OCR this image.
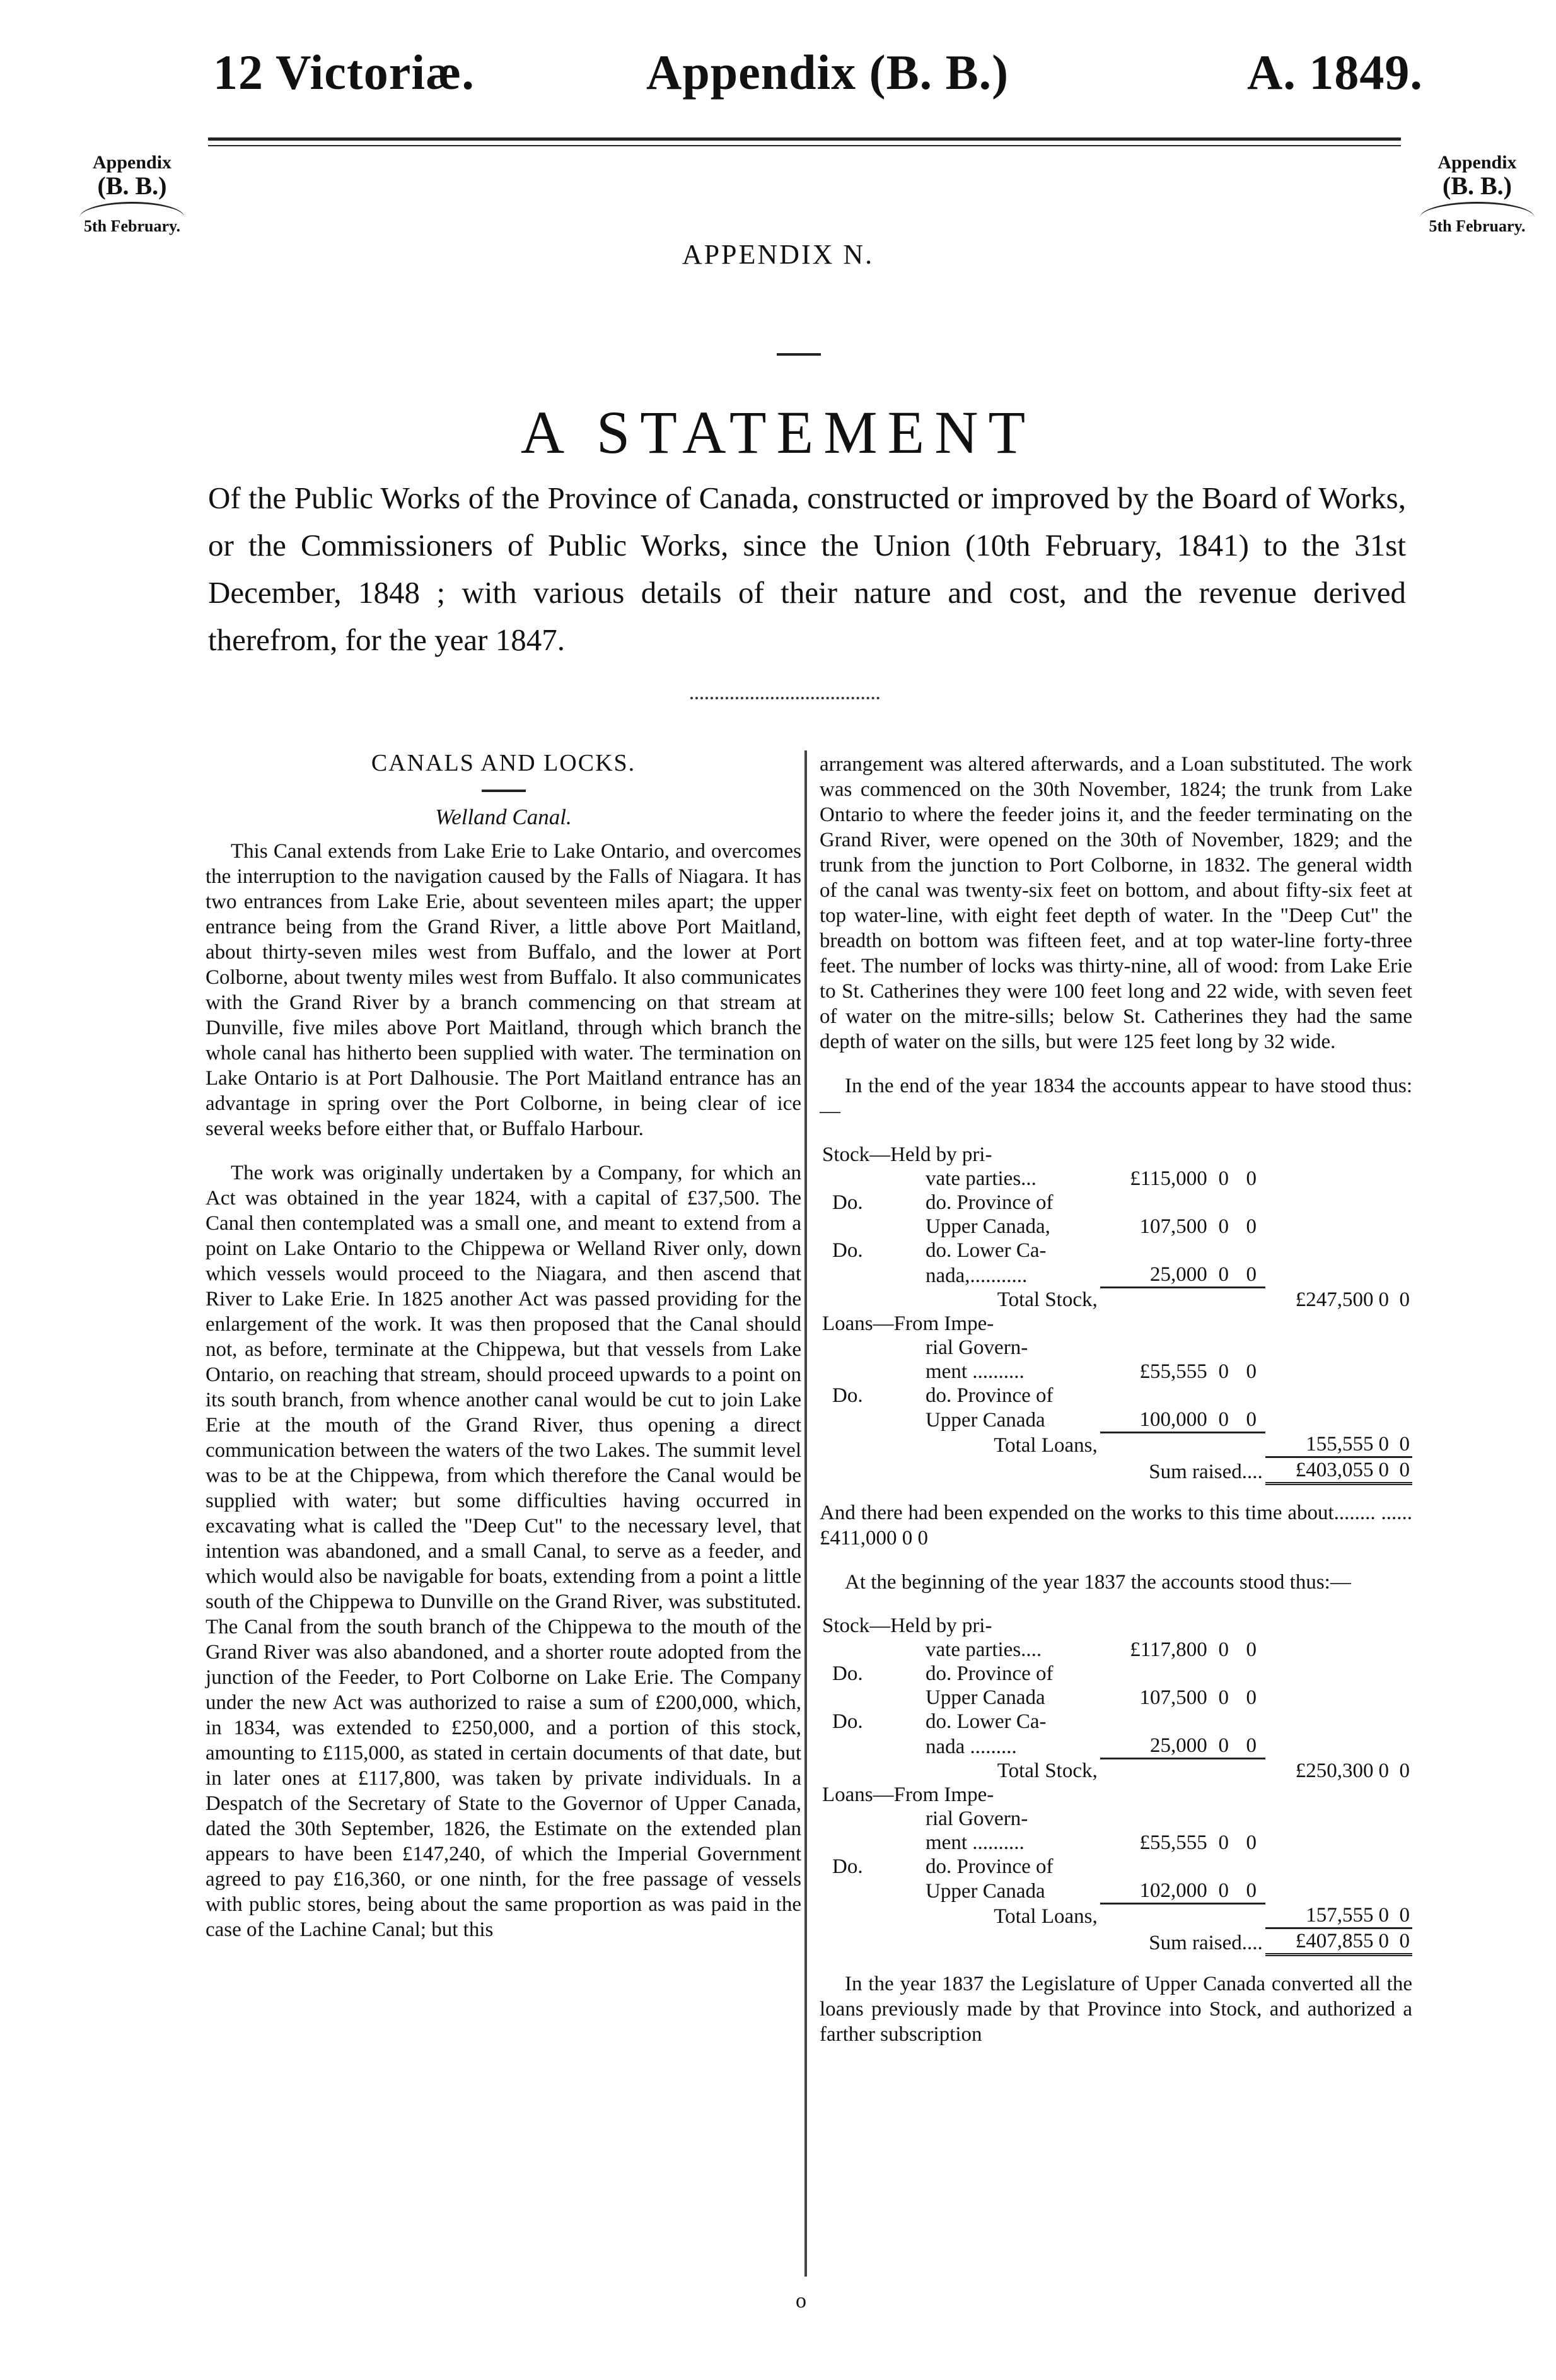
12 Victoriæ.	Appendix (B. B.)	A. 1849.
Appendix
(B. B.)
5th February.
Appendix
(B. B.)
5th February.
APPENDIX N.
A STATEMENT
Of the Public Works of the Province of Canada, constructed or improved by the Board of Works, or the Commissioners of Public Works, since the Union (10th February, 1841) to the 31st December, 1848 ; with various details of their nature and cost, and the revenue derived therefrom, for the year 1847.
CANALS AND LOCKS.
Welland Canal.

This Canal extends from Lake Erie to Lake Ontario, and overcomes the interruption to the navigation caused by the Falls of Niagara. It has two entrances from Lake Erie, about seventeen miles apart; the upper entrance being from the Grand River, a little above Port Maitland, about thirty-seven miles west from Buffalo, and the lower at Port Colborne, about twenty miles west from Buffalo. It also communicates with the Grand River by a branch commencing on that stream at Dunville, five miles above Port Maitland, through which branch the whole canal has hitherto been supplied with water. The termination on Lake Ontario is at Port Dalhousie. The Port Maitland entrance has an advantage in spring over the Port Colborne, in being clear of ice several weeks before either that, or Buffalo Harbour.

The work was originally undertaken by a Company, for which an Act was obtained in the year 1824, with a capital of £37,500. The Canal then contemplated was a small one, and meant to extend from a point on Lake Ontario to the Chippewa or Welland River only, down which vessels would proceed to the Niagara, and then ascend that River to Lake Erie. In 1825 another Act was passed providing for the enlargement of the work. It was then proposed that the Canal should not, as before, terminate at the Chippewa, but that vessels from Lake Ontario, on reaching that stream, should proceed upwards to a point on its south branch, from whence another canal would be cut to join Lake Erie at the mouth of the Grand River, thus opening a direct communication between the waters of the two Lakes. The summit level was to be at the Chippewa, from which therefore the Canal would be supplied with water; but some difficulties having occurred in excavating what is called the "Deep Cut" to the necessary level, that intention was abandoned, and a small Canal, to serve as a feeder, and which would also be navigable for boats, extending from a point a little south of the Chippewa to Dunville on the Grand River, was substituted. The Canal from the south branch of the Chippewa to the mouth of the Grand River was also abandoned, and a shorter route adopted from the junction of the Feeder, to Port Colborne on Lake Erie. The Company under the new Act was authorized to raise a sum of £200,000, which, in 1834, was extended to £250,000, and a portion of this stock, amounting to £115,000, as stated in certain documents of that date, but in later ones at £117,800, was taken by private individuals. In a Despatch of the Secretary of State to the Governor of Upper Canada, dated the 30th September, 1826, the Estimate on the extended plan appears to have been £147,240, of which the Imperial Government agreed to pay £16,360, or one ninth, for the free passage of vessels with public stores, being about the same proportion as was paid in the case of the Lachine Canal; but this

arrangement was altered afterwards, and a Loan substituted. The work was commenced on the 30th November, 1824; the trunk from Lake Ontario to where the feeder joins it, and the feeder terminating on the Grand River, were opened on the 30th of November, 1829; and the trunk from the junction to Port Colborne, in 1832. The general width of the canal was twenty-six feet on bottom, and about fifty-six feet at top water-line, with eight feet depth of water. In the "Deep Cut" the breadth on bottom was fifteen feet, and at top water-line forty-three feet. The number of locks was thirty-nine, all of wood: from Lake Erie to St. Catherines they were 100 feet long and 22 wide, with seven feet of water on the mitre-sills; below St. Catherines they had the same depth of water on the sills, but were 125 feet long by 32 wide.

In the end of the year 1834 the accounts appear to have stood thus:—

Stock—Held by pri-						
	vate parties...	£115,000	0	0		
Do.	do. Province of					
	Upper Canada,	107,500	0	0		
Do.	do. Lower Ca-					
	nada,...........	25,000	0	0		
	Total Stock,				£247,500	0 0
Loans—From Impe-						
	rial Govern-					
	ment ..........	£55,555	0	0		
Do.	do. Province of					
	Upper Canada	100,000	0	0		
	Total Loans,				155,555	0 0
		Sum raised....			£403,055	0 0

And there had been expended on the works to this time about........ ......£411,000 0 0

At the beginning of the year 1837 the accounts stood thus:—

Stock—Held by pri-						
	vate parties....	£117,800	0	0		
Do.	do. Province of					
	Upper Canada	107,500	0	0		
Do.	do. Lower Ca-					
	nada .........	25,000	0	0		
	Total Stock,				£250,300	0 0
Loans—From Impe-						
	rial Govern-					
	ment ..........	£55,555	0	0		
Do.	do. Province of					
	Upper Canada	102,000	0	0		
	Total Loans,				157,555	0 0
		Sum raised....			£407,855	0 0

In the year 1837 the Legislature of Upper Canada converted all the loans previously made by that Province into Stock, and authorized a farther subscription

o
